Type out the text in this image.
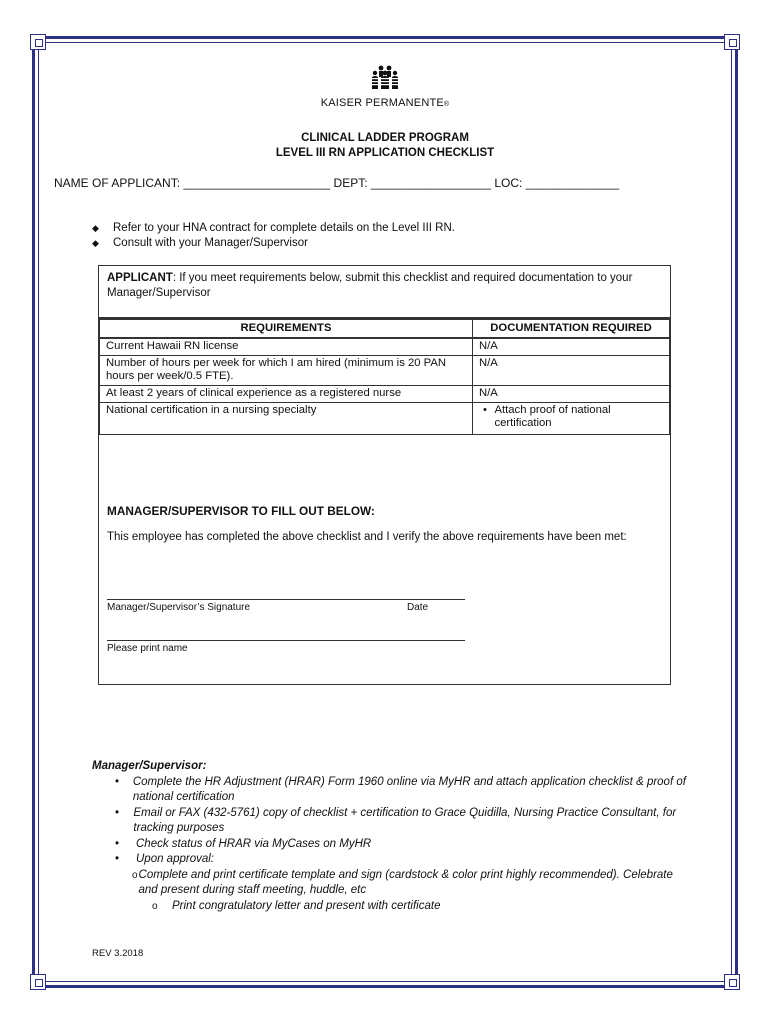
KAISER PERMANENTE®
CLINICAL LADDER PROGRAM
LEVEL III RN APPLICATION CHECKLIST
NAME OF APPLICANT: ______________________ DEPT: __________________ LOC: ______________
◆	Refer to your HNA contract for complete details on the Level III RN.
◆	Consult with your Manager/Supervisor
APPLICANT: If you meet requirements below, submit this checklist and required documentation to your Manager/Supervisor
REQUIREMENTS	DOCUMENTATION REQUIRED
Current Hawaii RN license	N/A
Number of hours per week for which I am hired (minimum is 20 PAN hours per week/0.5 FTE).	N/A
At least 2 years of clinical experience as a registered nurse	N/A
National certification in a nursing specialty	• Attach proof of national certification
MANAGER/SUPERVISOR TO FILL OUT BELOW:
This employee has completed the above checklist and I verify the above requirements have been met:
Manager/Supervisor’s Signature	Date
Please print name
Manager/Supervisor:
•	Complete the HR Adjustment (HRAR) Form 1960 online via MyHR and attach application checklist & proof of national certification
•	Email or FAX (432-5761) copy of checklist + certification to Grace Quidilla, Nursing Practice Consultant, for tracking purposes
•	Check status of HRAR via MyCases on MyHR
•	Upon approval:
o Complete and print certificate template and sign (cardstock & color print highly recommended). Celebrate and present during staff meeting, huddle, etc
o	Print congratulatory letter and present with certificate
REV 3.2018
